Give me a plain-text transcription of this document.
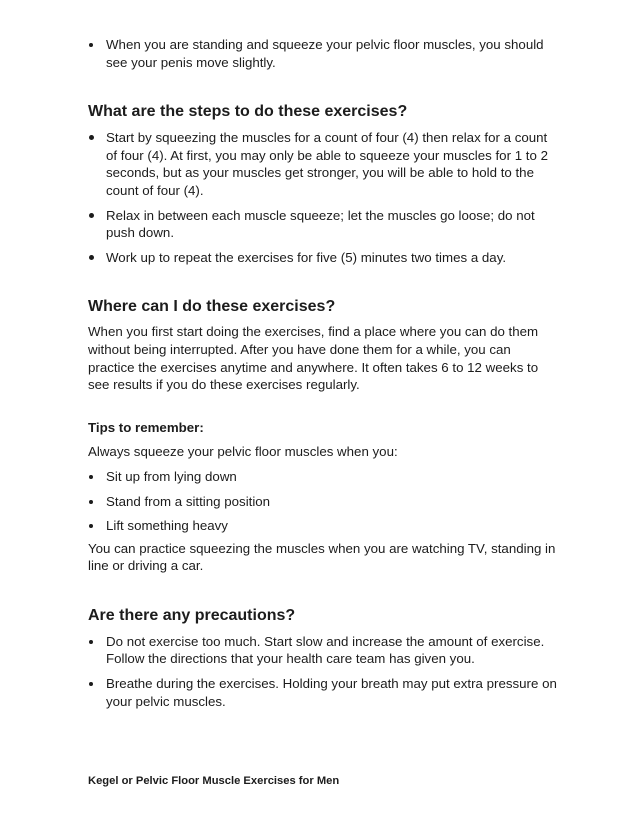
When you are standing and squeeze your pelvic floor muscles, you should see your penis move slightly.
What are the steps to do these exercises?
Start by squeezing the muscles for a count of four (4) then relax for a count of four (4). At first, you may only be able to squeeze your muscles for 1 to 2 seconds, but as your muscles get stronger, you will be able to hold to the count of four (4).
Relax in between each muscle squeeze; let the muscles go loose; do not push down.
Work up to repeat the exercises for five (5) minutes two times a day.
Where can I do these exercises?

When you first start doing the exercises, find a place where you can do them without being interrupted. After you have done them for a while, you can practice the exercises anytime and anywhere. It often takes 6 to 12 weeks to see results if you do these exercises regularly.

Tips to remember:

Always squeeze your pelvic floor muscles when you:

Sit up from lying down
Stand from a sitting position
Lift something heavy

You can practice squeezing the muscles when you are watching TV, standing in line or driving a car.

Are there any precautions?
Do not exercise too much. Start slow and increase the amount of exercise. Follow the directions that your health care team has given you.
Breathe during the exercises. Holding your breath may put extra pressure on your pelvic muscles.
Kegel or Pelvic Floor Muscle Exercises for Men
